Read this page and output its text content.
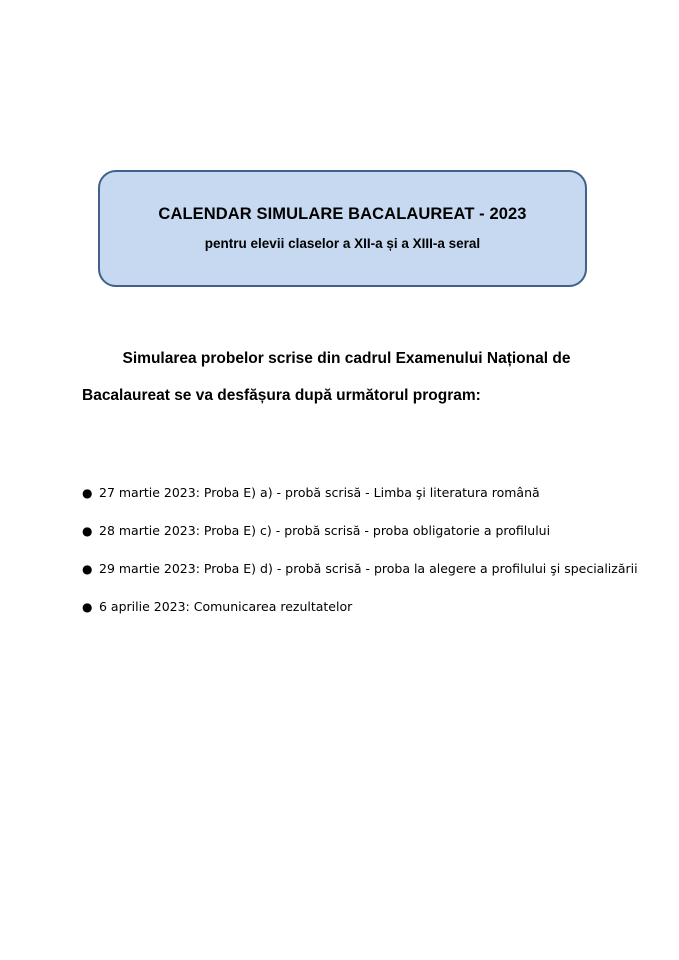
CALENDAR SIMULARE BACALAUREAT - 2023
pentru elevii claselor a XII-a și a XIII-a seral
Simularea probelor scrise din cadrul Examenului Național de
Bacalaureat se va desfășura după următorul program:
● 27 martie 2023: Proba E) a) - probă scrisă - Limba şi literatura română
● 28 martie 2023: Proba E) c) - probă scrisă - proba obligatorie a profilului
● 29 martie 2023: Proba E) d) - probă scrisă - proba la alegere a profilului şi specializării
● 6 aprilie 2023: Comunicarea rezultatelor
